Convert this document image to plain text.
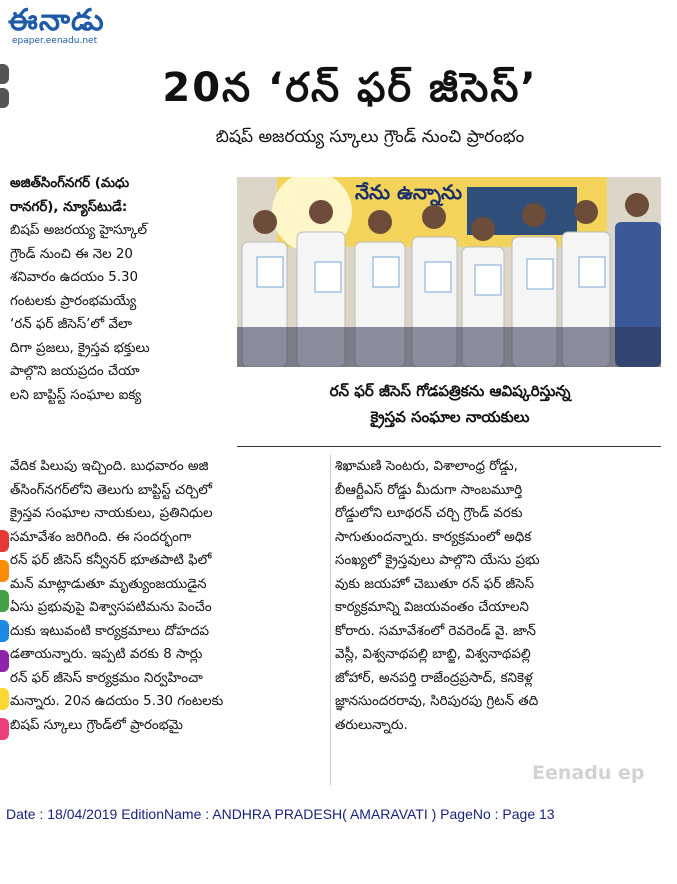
ఈనాడు
epaper.eenadu.net
20న ‘రన్ ఫర్ జీసెస్’
బిషప్ అజరయ్య స్కూలు గ్రౌండ్ నుంచి ప్రారంభం
అజిత్‌సింగ్‌నగర్ (మధు
రానగర్), న్యూస్‌టుడే:
బిషప్ అజరయ్య హైస్కూల్
గ్రౌండ్ నుంచి ఈ నెల 20
శనివారం ఉదయం 5.30
గంటలకు ప్రారంభమయ్యే
‘రన్ ఫర్ జీసెస్’లో వేలా
దిగా ప్రజలు, క్రైస్తవ భక్తులు
పాల్గొని జయప్రదం చేయా
లని బాప్టిస్ట్ సంఘాల ఐక్య
నేను ఉన్నాను
రన్ ఫర్ జీసెస్ గోడపత్రికను ఆవిష్కరిస్తున్న
క్రైస్తవ సంఘాల నాయకులు
వేదిక పిలుపు ఇచ్చింది. బుధవారం అజి
త్‌సింగ్‌నగర్‌లోని తెలుగు బాప్టిస్ట్ చర్చిలో
క్రైస్తవ సంఘాల నాయకులు, ప్రతినిధుల
సమావేశం జరిగింది. ఈ సందర్భంగా
రన్ ఫర్ జీసెస్ కన్వీనర్ భూతపాటి ఫిలో
మన్ మాట్లాడుతూ మృత్యుంజయుడైన
ఏసు ప్రభువుపై విశ్వాసపటిమను పెంచేం
దుకు ఇటువంటి కార్యక్రమాలు దోహదప
డతాయన్నారు. ఇప్పటి వరకు 8 సార్లు
రన్ ఫర్ జీసెస్ కార్యక్రమం నిర్వహించా
మన్నారు. 20న ఉదయం 5.30 గంటలకు
బిషప్ స్కూలు గ్రౌండ్‌లో ప్రారంభమై
శిఖామణి సెంటరు, విశాలాంధ్ర రోడ్డు,
బీఆర్టీఎస్ రోడ్డు మీదుగా సాంబమూర్తి
రోడ్డులోని లూథరన్ చర్చి గ్రౌండ్ వరకు
సాగుతుందన్నారు. కార్యక్రమంలో అధిక
సంఖ్యలో క్రైస్తవులు పాల్గొని యేసు ప్రభు
వుకు జయహో చెబుతూ రన్ ఫర్ జీసెస్
కార్యక్రమాన్ని విజయవంతం చేయాలని
కోరారు. సమావేశంలో రెవరెండ్ వై. జాన్
వెస్లీ, విశ్వనాథపల్లి బాబ్జి, విశ్వనాథపల్లి
జోహార్, అనపర్తి రాజేంద్రప్రసాద్, కనికెళ్ల
జ్ఞానసుందరరావు, సిరిపురపు గ్రిటన్ తది
తరులున్నారు.
Eenadu ep
Date : 18/04/2019 EditionName : ANDHRA PRADESH( AMARAVATI ) PageNo : Page 13
